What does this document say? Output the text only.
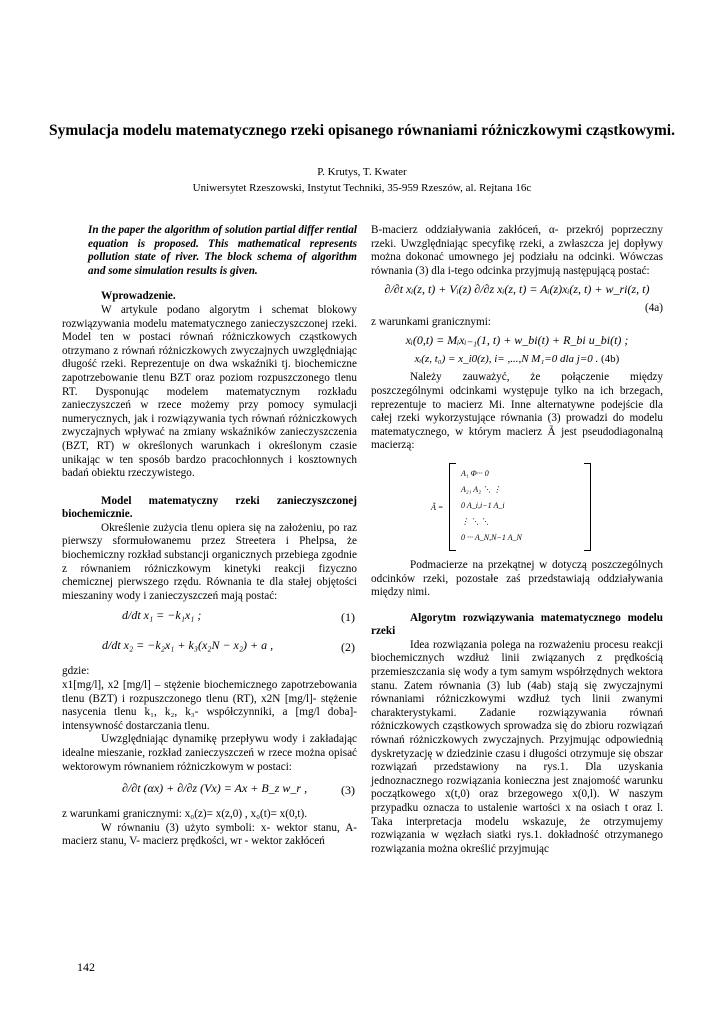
Symulacja modelu matematycznego rzeki opisanego równaniami różniczkowymi cząstkowymi.
P. Krutys, T. Kwater
Uniwersytet Rzeszowski, Instytut Techniki, 35-959 Rzeszów, al. Rejtana 16c

In the paper the algorithm of solution partial differ rential equation is proposed. This mathematical represents pollution state of river. The block schema of algorithm and some simulation results is given.

Wprowadzenie.

W artykule podano algorytm i schemat blokowy rozwiązywania modelu matematycznego zanieczyszczonej rzeki. Model ten w postaci równań różniczkowych cząstkowych otrzymano z równań różniczkowych zwyczajnych uwzględniając długość rzeki. Reprezentuje on dwa wskaźniki tj. biochemiczne zapotrzebowanie tlenu BZT oraz poziom rozpuszczonego tlenu RT. Dysponując modelem matematycznym rozkładu zanieczyszczeń w rzece możemy przy pomocy symulacji numerycznych, jak i rozwiązywania tych równań różniczkowych zwyczajnych wpływać na zmiany wskaźników zanieczyszczenia (BZT, RT) w określonych warunkach i określonym czasie unikając w ten sposób bardzo pracochłonnych i kosztownych badań obiektu rzeczywistego.

Model matematyczny rzeki zanieczyszczonej biochemicznie.

Określenie zużycia tlenu opiera się na założeniu, po raz pierwszy sformułowanemu przez Streetera i Phelpsa, że biochemiczny rozkład substancji organicznych przebiega zgodnie z równaniem różniczkowym kinetyki reakcji fizyczno chemicznej pierwszego rzędu. Równania te dla stałej objętości mieszaniny wody i zanieczyszczeń mają postać:

d/dt x₁ = −k₁x₁ ;	(1)
d/dt x₂ = −k₂x₁ + k₃(x₂N − x₂) + a ,	(2)

gdzie:

x1[mg/l], x2 [mg/l] – stężenie biochemicznego zapotrzebowania tlenu (BZT) i rozpuszczonego tlenu (RT), x2N [mg/l]- stężenie nasycenia tlenu k₁, k₂, k₃- współczynniki, a [mg/l doba]- intensywność dostarczania tlenu.

Uwzględniając dynamikę przepływu wody i zakładając idealne mieszanie, rozkład zanieczyszczeń w rzece można opisać wektorowym równaniem różniczkowym w postaci:

∂/∂t (αx) + ∂/∂z (Vx) = Ax + B_z w_r ,	(3)

z warunkami granicznymi: x₀(z)= x(z,0) , x₀(t)= x(0,t).

W równaniu (3) użyto symboli: x- wektor stanu, A- macierz stanu, V- macierz prędkości, wr - wektor zakłóceń

B-macierz oddziaływania zakłóceń, α- przekrój poprzeczny rzeki. Uwzględniając specyfikę rzeki, a zwłaszcza jej dopływy można dokonać umownego jej podziału na odcinki. Wówczas równania (3) dla i-tego odcinka przyjmują następującą postać:

∂/∂t xᵢ(z, t) + Vᵢ(z) ∂/∂z xᵢ(z, t) = Aᵢ(z)xᵢ(z, t) + w_ri(z, t)

(4a)

z warunkami granicznymi:

xᵢ(0,t) = Mᵢxᵢ₋₁(1, t) + w_bi(t) + R_bi u_bi(t) ;

xᵢ(z, t₀) = x_i0(z), i= ,...,N M₁=0 dla j=0 . (4b)

Należy zauważyć, że połączenie między poszczególnymi odcinkami występuje tylko na ich brzegach, reprezentuje to macierz Mi. Inne alternatywne podejście dla całej rzeki wykorzystujące równania (3) prowadzi do modelu matematycznego, w którym macierz Ã jest pseudodiagonalną macierzą:

Ã =
A₁ Φ··· 0
A₂₁ A₂ ⋱ ⋮
0 A_i,i−1 A_i
⋮ ⋱ ⋱
0 ··· A_N,N−1 A_N

Podmacierze na przekątnej w dotyczą poszczególnych odcinków rzeki, pozostałe zaś przedstawiają oddziaływania między nimi.

Algorytm rozwiązywania matematycznego modelu rzeki

Idea rozwiązania polega na rozważeniu procesu reakcji biochemicznych wzdłuż linii związanych z prędkością przemieszczania się wody a tym samym współrzędnych wektora stanu. Zatem równania (3) lub (4ab) stają się zwyczajnymi równaniami różniczkowymi wzdłuż tych linii zwanymi charakterystykami. Zadanie rozwiązywania równań różniczkowych cząstkowych sprowadza się do zbioru rozwiązań równań różniczkowych zwyczajnych. Przyjmując odpowiednią dyskretyzację w dziedzinie czasu i długości otrzymuje się obszar rozwiązań przedstawiony na rys.1. Dla uzyskania jednoznacznego rozwiązania konieczna jest znajomość warunku początkowego x(t,0) oraz brzegowego x(0,l). W naszym przypadku oznacza to ustalenie wartości x na osiach t oraz l. Taka interpretacja modelu wskazuje, że otrzymujemy rozwiązania w węzłach siatki rys.1. dokładność otrzymanego rozwiązania można określić przyjmując

142
